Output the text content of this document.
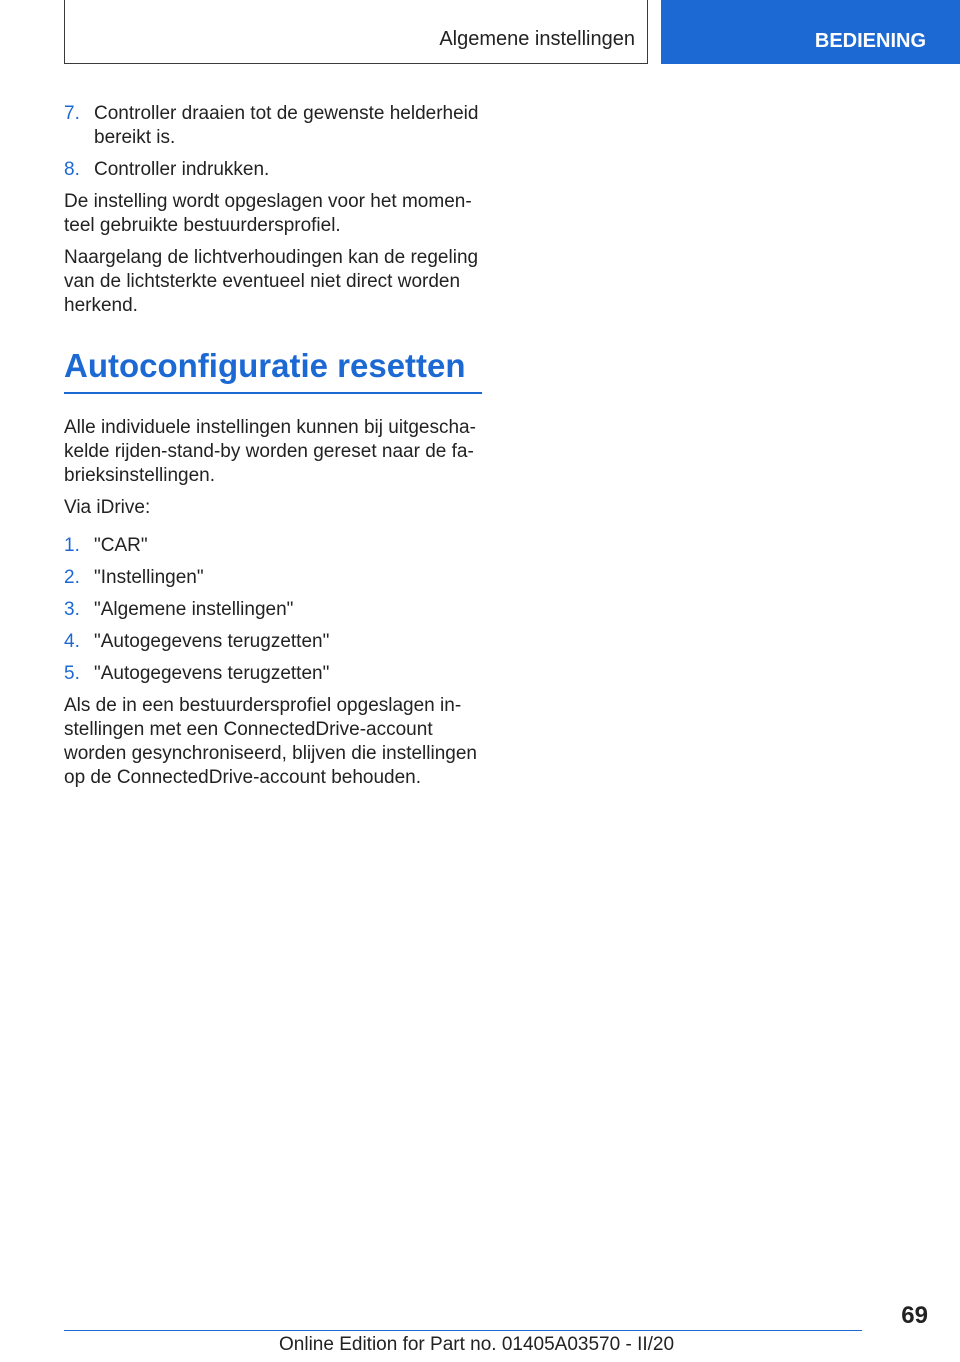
Algemene instellingen	BEDIENING
7. Controller draaien tot de gewenste helderheid bereikt is.
8. Controller indrukken.

De instelling wordt opgeslagen voor het momenteel gebruikte bestuurdersprofiel.

Naargelang de lichtverhoudingen kan de regeling van de lichtsterkte eventueel niet direct worden herkend.

Autoconfiguratie resetten

Alle individuele instellingen kunnen bij uitgeschakelde rijden-stand-by worden gereset naar de fabrieksinstellingen.

Via iDrive:

1. "CAR"
2. "Instellingen"
3. "Algemene instellingen"
4. "Autogegevens terugzetten"
5. "Autogegevens terugzetten"

Als de in een bestuurdersprofiel opgeslagen instellingen met een ConnectedDrive-account worden gesynchroniseerd, blijven die instellingen op de ConnectedDrive-account behouden.

69
Online Edition for Part no. 01405A03570 - II/20
